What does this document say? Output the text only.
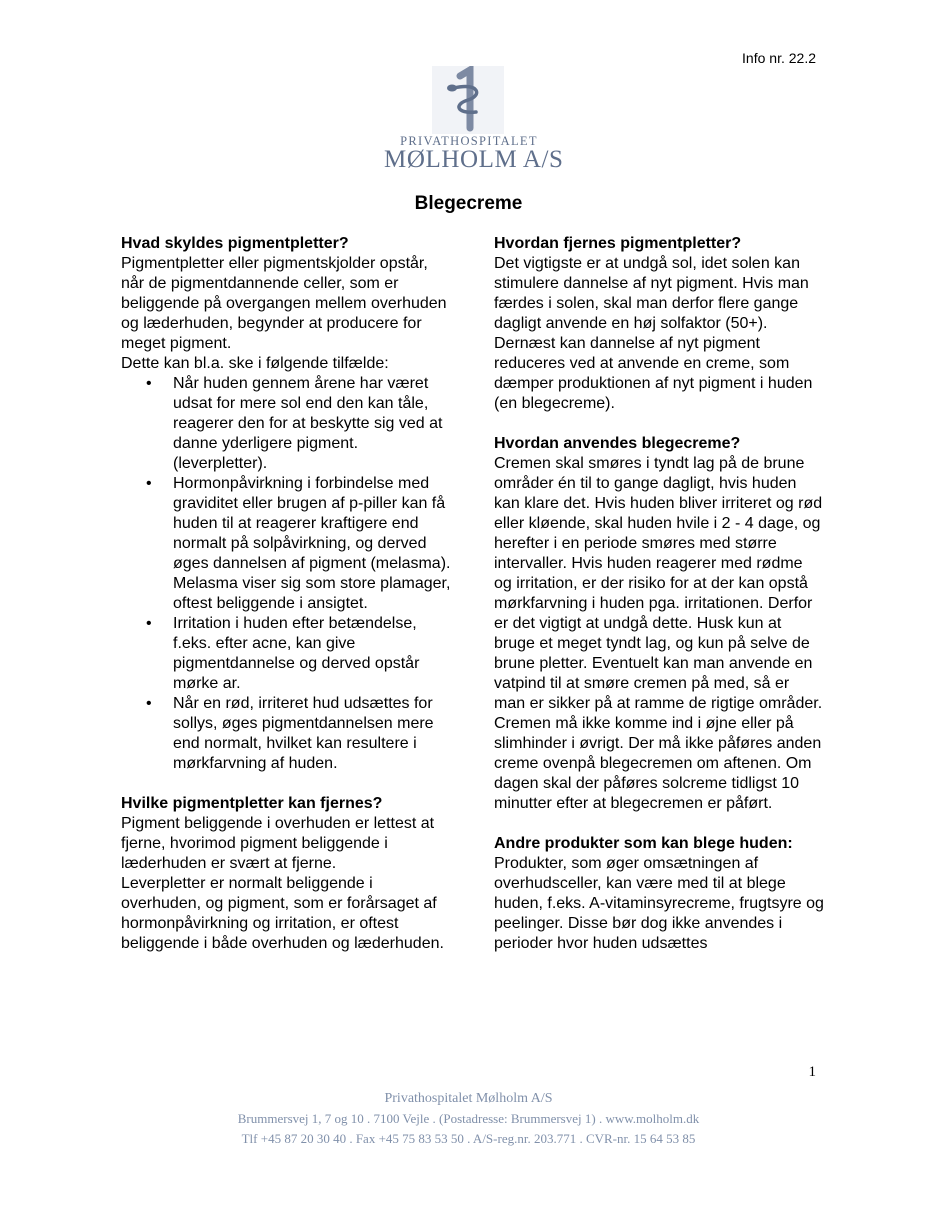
Info nr. 22.2
PRIVATHOSPITALET
MØLHOLM A/S
Blegecreme
Hvad skyldes pigmentpletter?
Pigmentpletter eller pigmentskjolder opstår, når de pigmentdannende celler, som er beliggende på overgangen mellem overhuden og læderhuden, begynder at producere for meget pigment.
Dette kan bl.a. ske i følgende tilfælde:
• Når huden gennem årene har været udsat for mere sol end den kan tåle, reagerer den for at beskytte sig ved at danne yderligere pigment. (leverpletter).
• Hormonpåvirkning i forbindelse med graviditet eller brugen af p-piller kan få huden til at reagerer kraftigere end normalt på solpåvirkning, og derved øges dannelsen af pigment (melasma). Melasma viser sig som store plamager, oftest beliggende i ansigtet.
• Irritation i huden efter betændelse, f.eks. efter acne, kan give pigmentdannelse og derved opstår mørke ar.
• Når en rød, irriteret hud udsættes for sollys, øges pigmentdannelsen mere end normalt, hvilket kan resultere i mørkfarvning af huden.
Hvilke pigmentpletter kan fjernes?
Pigment beliggende i overhuden er lettest at fjerne, hvorimod pigment beliggende i læderhuden er svært at fjerne.
Leverpletter er normalt beliggende i overhuden, og pigment, som er forårsaget af hormonpåvirkning og irritation, er oftest beliggende i både overhuden og læderhuden.
Hvordan fjernes pigmentpletter?
Det vigtigste er at undgå sol, idet solen kan stimulere dannelse af nyt pigment. Hvis man færdes i solen, skal man derfor flere gange dagligt anvende en høj solfaktor (50+).
Dernæst kan dannelse af nyt pigment reduceres ved at anvende en creme, som dæmper produktionen af nyt pigment i huden (en blegecreme).
Hvordan anvendes blegecreme?
Cremen skal smøres i tyndt lag på de brune områder én til to gange dagligt, hvis huden kan klare det. Hvis huden bliver irriteret og rød eller kløende, skal huden hvile i 2 - 4 dage, og herefter i en periode smøres med større intervaller. Hvis huden reagerer med rødme og irritation, er der risiko for at der kan opstå mørkfarvning i huden pga. irritationen. Derfor er det vigtigt at undgå dette. Husk kun at bruge et meget tyndt lag, og kun på selve de brune pletter. Eventuelt kan man anvende en vatpind til at smøre cremen på med, så er man er sikker på at ramme de rigtige områder. Cremen må ikke komme ind i øjne eller på slimhinder i øvrigt. Der må ikke påføres anden creme ovenpå blegecremen om aftenen. Om dagen skal der påføres solcreme tidligst 10 minutter efter at blegecremen er påført.
Andre produkter som kan blege huden:
Produkter, som øger omsætningen af overhudsceller, kan være med til at blege huden, f.eks. A-vitaminsyrecreme, frugtsyre og peelinger. Disse bør dog ikke anvendes i perioder hvor huden udsættes
1
Privathospitalet Mølholm A/S
Brummersvej 1, 7 og 10 . 7100 Vejle . (Postadresse: Brummersvej 1) . www.molholm.dk
Tlf +45 87 20 30 40 . Fax +45 75 83 53 50 . A/S-reg.nr. 203.771 . CVR-nr. 15 64 53 85
